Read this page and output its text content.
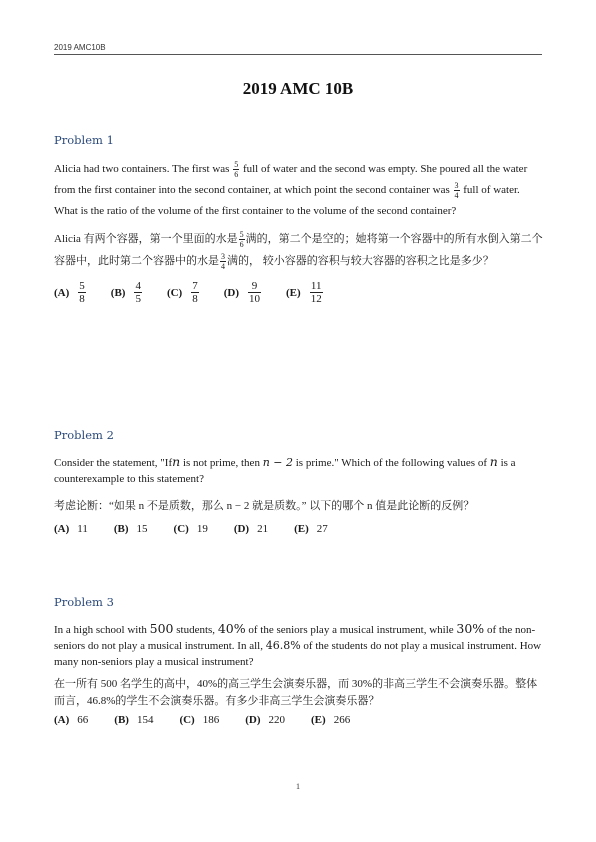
2019 AMC10B
2019 AMC 10B
Problem 1

Alicia had two containers. The first was $\frac{5}{6}$ full of water and the second was empty. She poured all the water from the first container into the second container, at which point the second container was $\frac{3}{4}$ full of water. What is the ratio of the volume of the first container to the volume of the second container?

Alicia 有两个容器，第一个里面的水是 $\frac{5}{6}$ 满的，第二个是空的；她将第一个容器中的所有水倒入第二个容器中，此时第二个容器中的水是 $\frac{3}{4}$ 满的， 较小容器的容积与较大容器的容积之比是多少？

$(A) \frac{5}{8} (B) \frac{4}{5} (C) \frac{7}{8} (D) \frac{9}{10} (E) \frac{11}{12}$
Problem 2

Consider the statement, "Ifn is not prime, then n − 2 is prime." Which of the following values of n is a counterexample to this statement?

考虑论断：“如果 n 不是质数，那么 n − 2 就是质数。” 以下的哪个 n 值是此论断的反例？

(A) 11 (B) 15 (C) 19 (D) 21 (E) 27
Problem 3

In a high school with 500 students, 40% of the seniors play a musical instrument, while 30% of the non-seniors do not play a musical instrument. In all, 46.8% of the students do not play a musical instrument. How many non-seniors play a musical instrument?

在一所有 500 名学生的高中，40%的高三学生会演奏乐器，而 30%的非高三学生不会演奏乐器。整体而言，46.8%的学生不会演奏乐器。有多少非高三学生会演奏乐器？

(A) 66 (B) 154 (C) 186 (D) 220 (E) 266
1
